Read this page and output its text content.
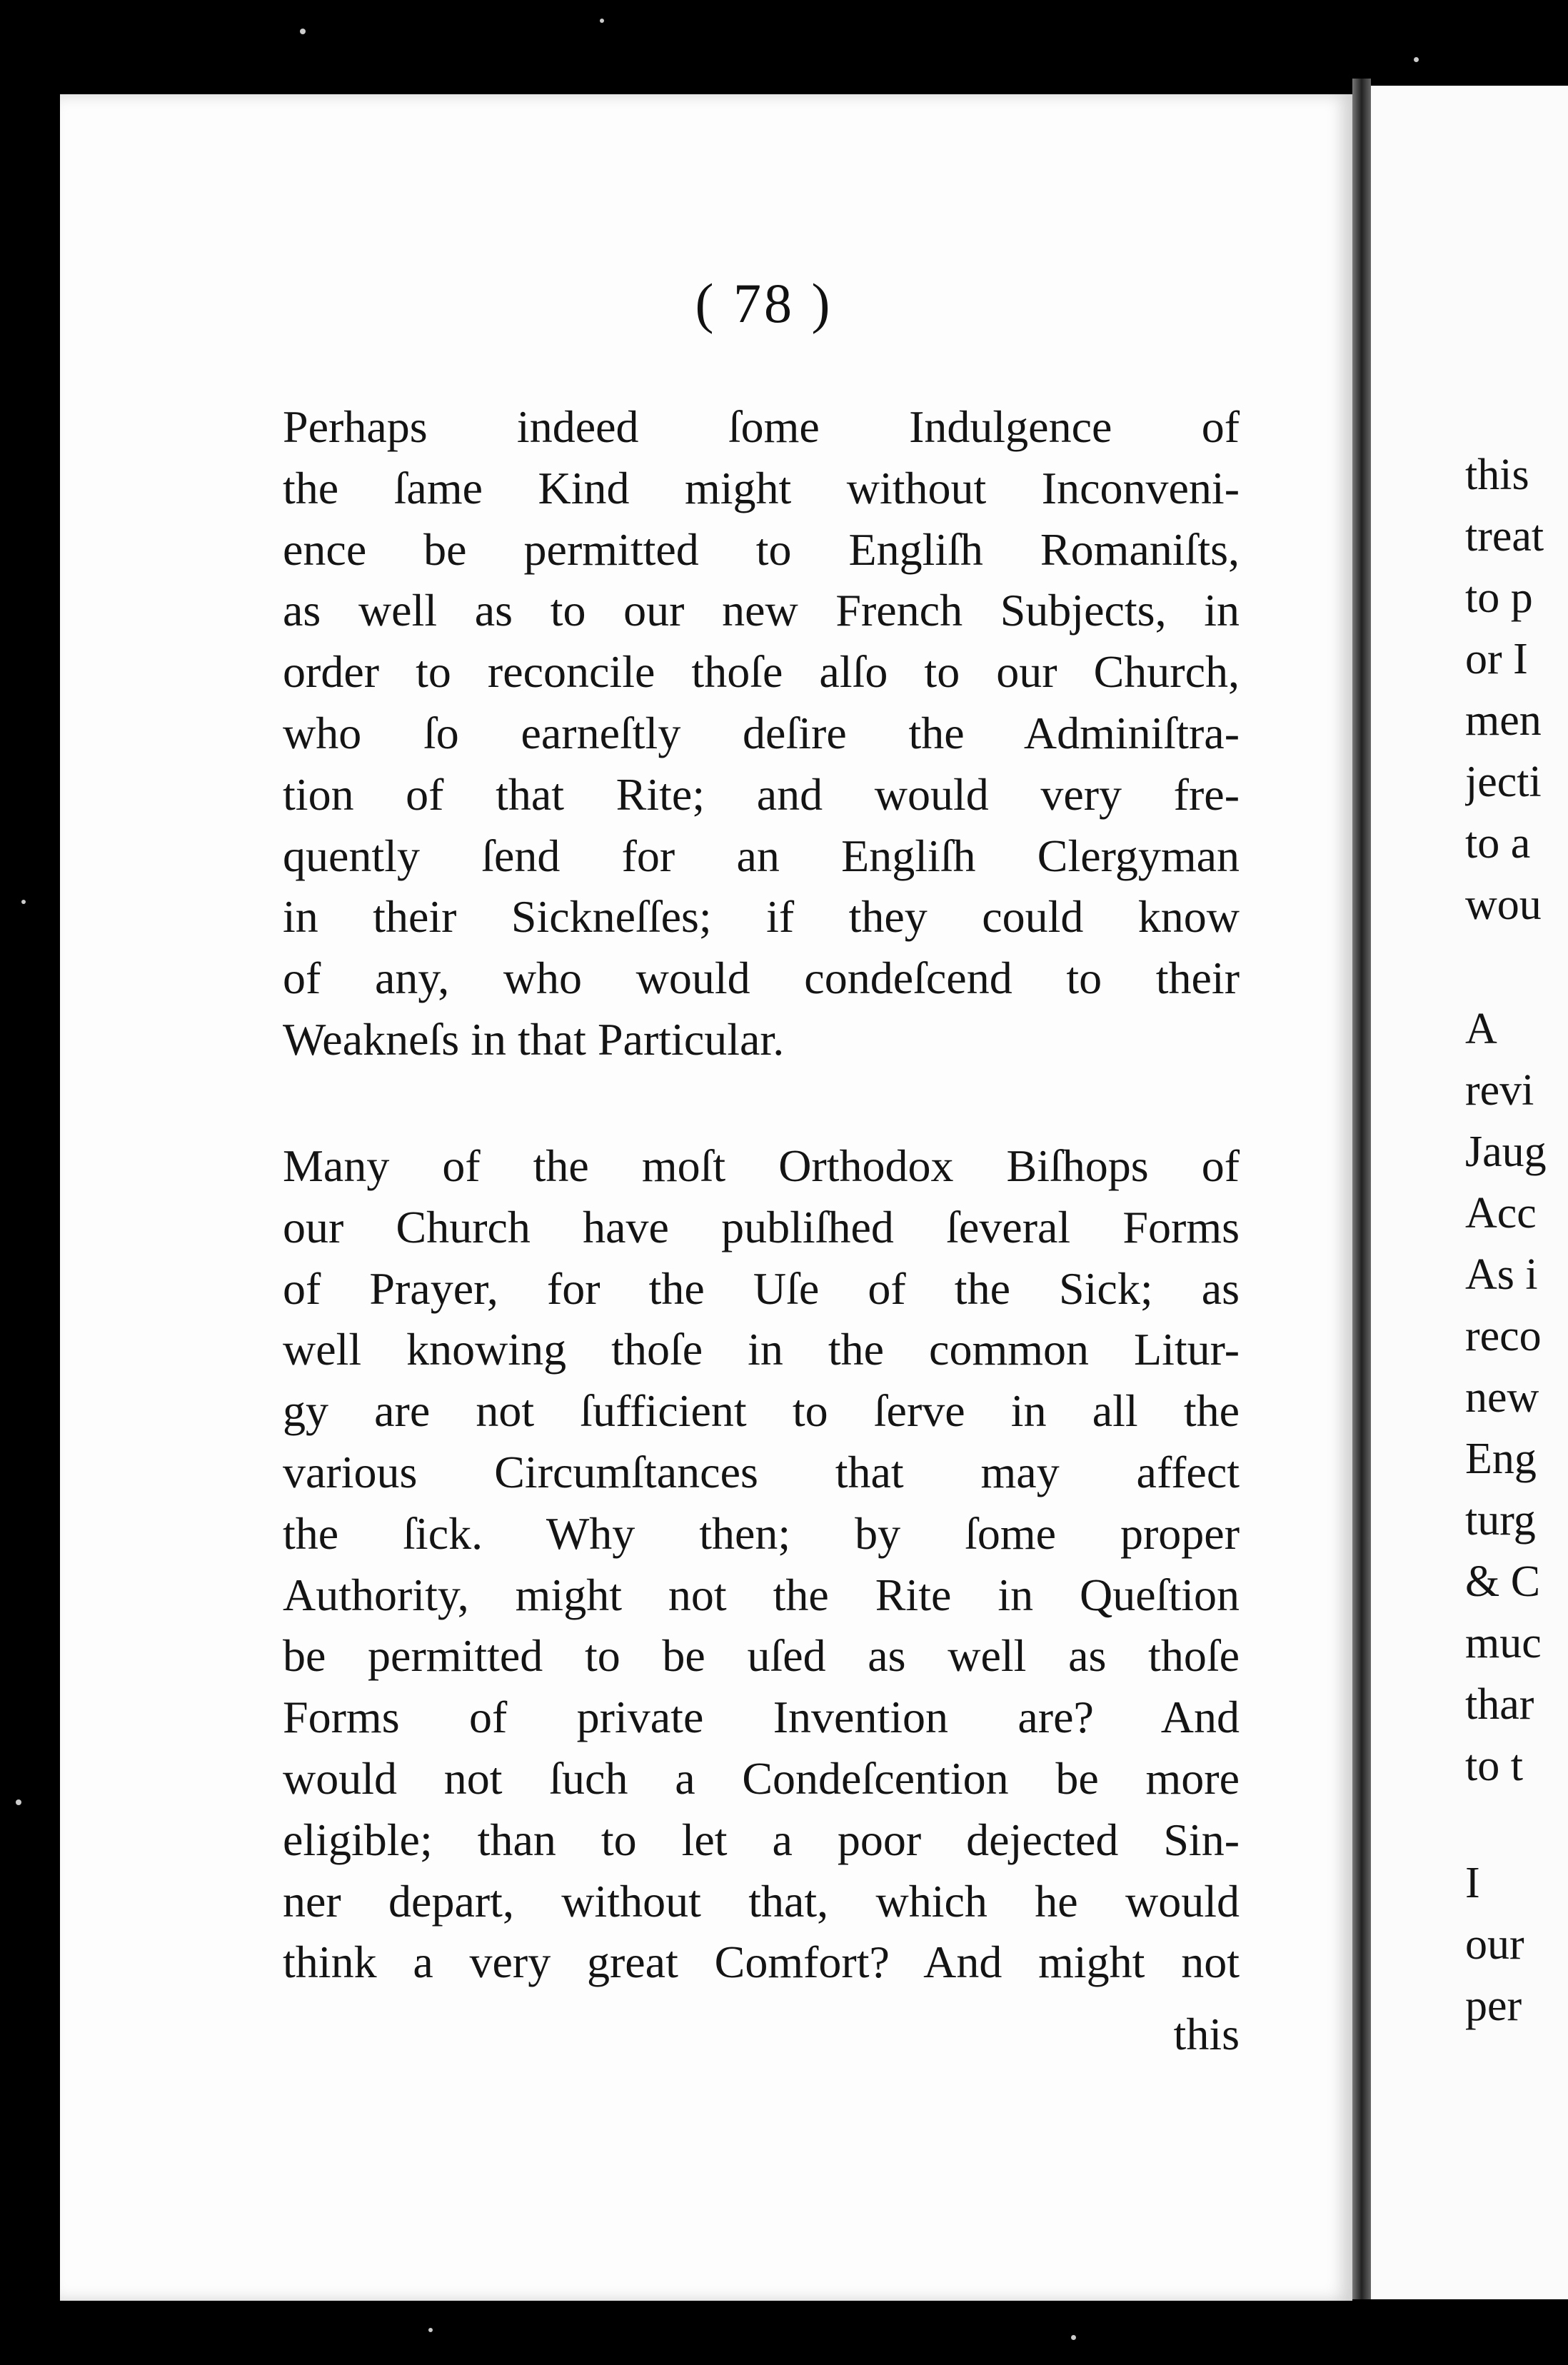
( 78 )
Perhaps indeed ſome Indulgence of
the ſame Kind might without Inconveni-
ence be permitted to Engliſh Romaniſts,
as well as to our new French Subjects, in
order to reconcile thoſe alſo to our Church,
who ſo earneſtly deſire the Adminiſtra-
tion of that Rite; and would very fre-
quently ſend for an Engliſh Clergyman
in their Sickneſſes; if they could know
of any, who would condeſcend to their
Weakneſs in that Particular.
Many of the moſt Orthodox Biſhops of
our Church have publiſhed ſeveral Forms
of Prayer, for the Uſe of the Sick; as
well knowing thoſe in the common Litur-
gy are not ſufficient to ſerve in all the
various Circumſtances that may affect
the ſick. Why then; by ſome proper
Authority, might not the Rite in Queſtion
be permitted to be uſed as well as thoſe
Forms of private Invention are? And
would not ſuch a Condeſcention be more
eligible; than to let a poor dejected Sin-
ner depart, without that, which he would
think a very great Comfort? And might not
this
this
treat
to p
or I
men
jecti
to a
wou
A
revi
Jaug
Acc
As i
reco
new
Eng
turg
& C
muc
thar
to t
I
our
per
